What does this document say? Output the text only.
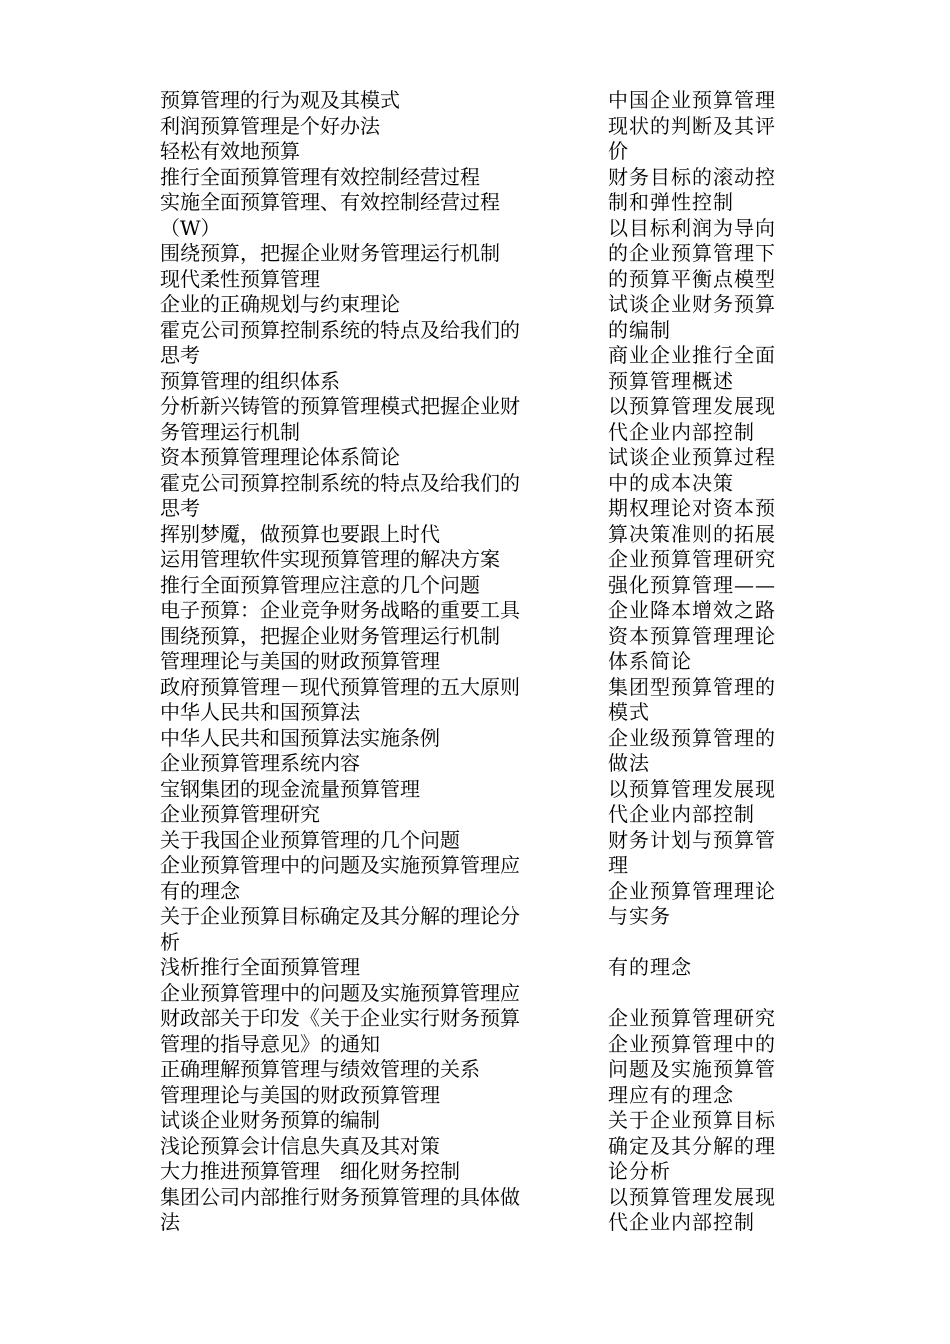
预算管理的行为观及其模式
利润预算管理是个好办法
轻松有效地预算
推行全面预算管理有效控制经营过程
实施全面预算管理、有效控制经营过程
（W）
围绕预算，把握企业财务管理运行机制
现代柔性预算管理
企业的正确规划与约束理论
霍克公司预算控制系统的特点及给我们的
思考
预算管理的组织体系
分析新兴铸管的预算管理模式把握企业财
务管理运行机制
资本预算管理理论体系简论
霍克公司预算控制系统的特点及给我们的
思考
挥别梦魇，做预算也要跟上时代
运用管理软件实现预算管理的解决方案
推行全面预算管理应注意的几个问题
电子预算：企业竞争财务战略的重要工具
围绕预算，把握企业财务管理运行机制
管理理论与美国的财政预算管理
政府预算管理－现代预算管理的五大原则
中华人民共和国预算法
中华人民共和国预算法实施条例
企业预算管理系统内容
宝钢集团的现金流量预算管理
企业预算管理研究
关于我国企业预算管理的几个问题
企业预算管理中的问题及实施预算管理应
有的理念
关于企业预算目标确定及其分解的理论分
析
浅析推行全面预算管理
企业预算管理中的问题及实施预算管理应
财政部关于印发《关于企业实行财务预算
管理的指导意见》的通知
正确理解预算管理与绩效管理的关系
管理理论与美国的财政预算管理
试谈企业财务预算的编制
浅论预算会计信息失真及其对策
大力推进预算管理　细化财务控制
集团公司内部推行财务预算管理的具体做
法
中国企业预算管理
现状的判断及其评
价
财务目标的滚动控
制和弹性控制
以目标利润为导向
的企业预算管理下
的预算平衡点模型
试谈企业财务预算
的编制
商业企业推行全面
预算管理概述
以预算管理发展现
代企业内部控制
试谈企业预算过程
中的成本决策
期权理论对资本预
算决策准则的拓展
企业预算管理研究
强化预算管理——
企业降本增效之路
资本预算管理理论
体系简论
集团型预算管理的
模式
企业级预算管理的
做法
以预算管理发展现
代企业内部控制
财务计划与预算管
理
企业预算管理理论
与实务
有的理念
企业预算管理研究
企业预算管理中的
问题及实施预算管
理应有的理念
关于企业预算目标
确定及其分解的理
论分析
以预算管理发展现
代企业内部控制
